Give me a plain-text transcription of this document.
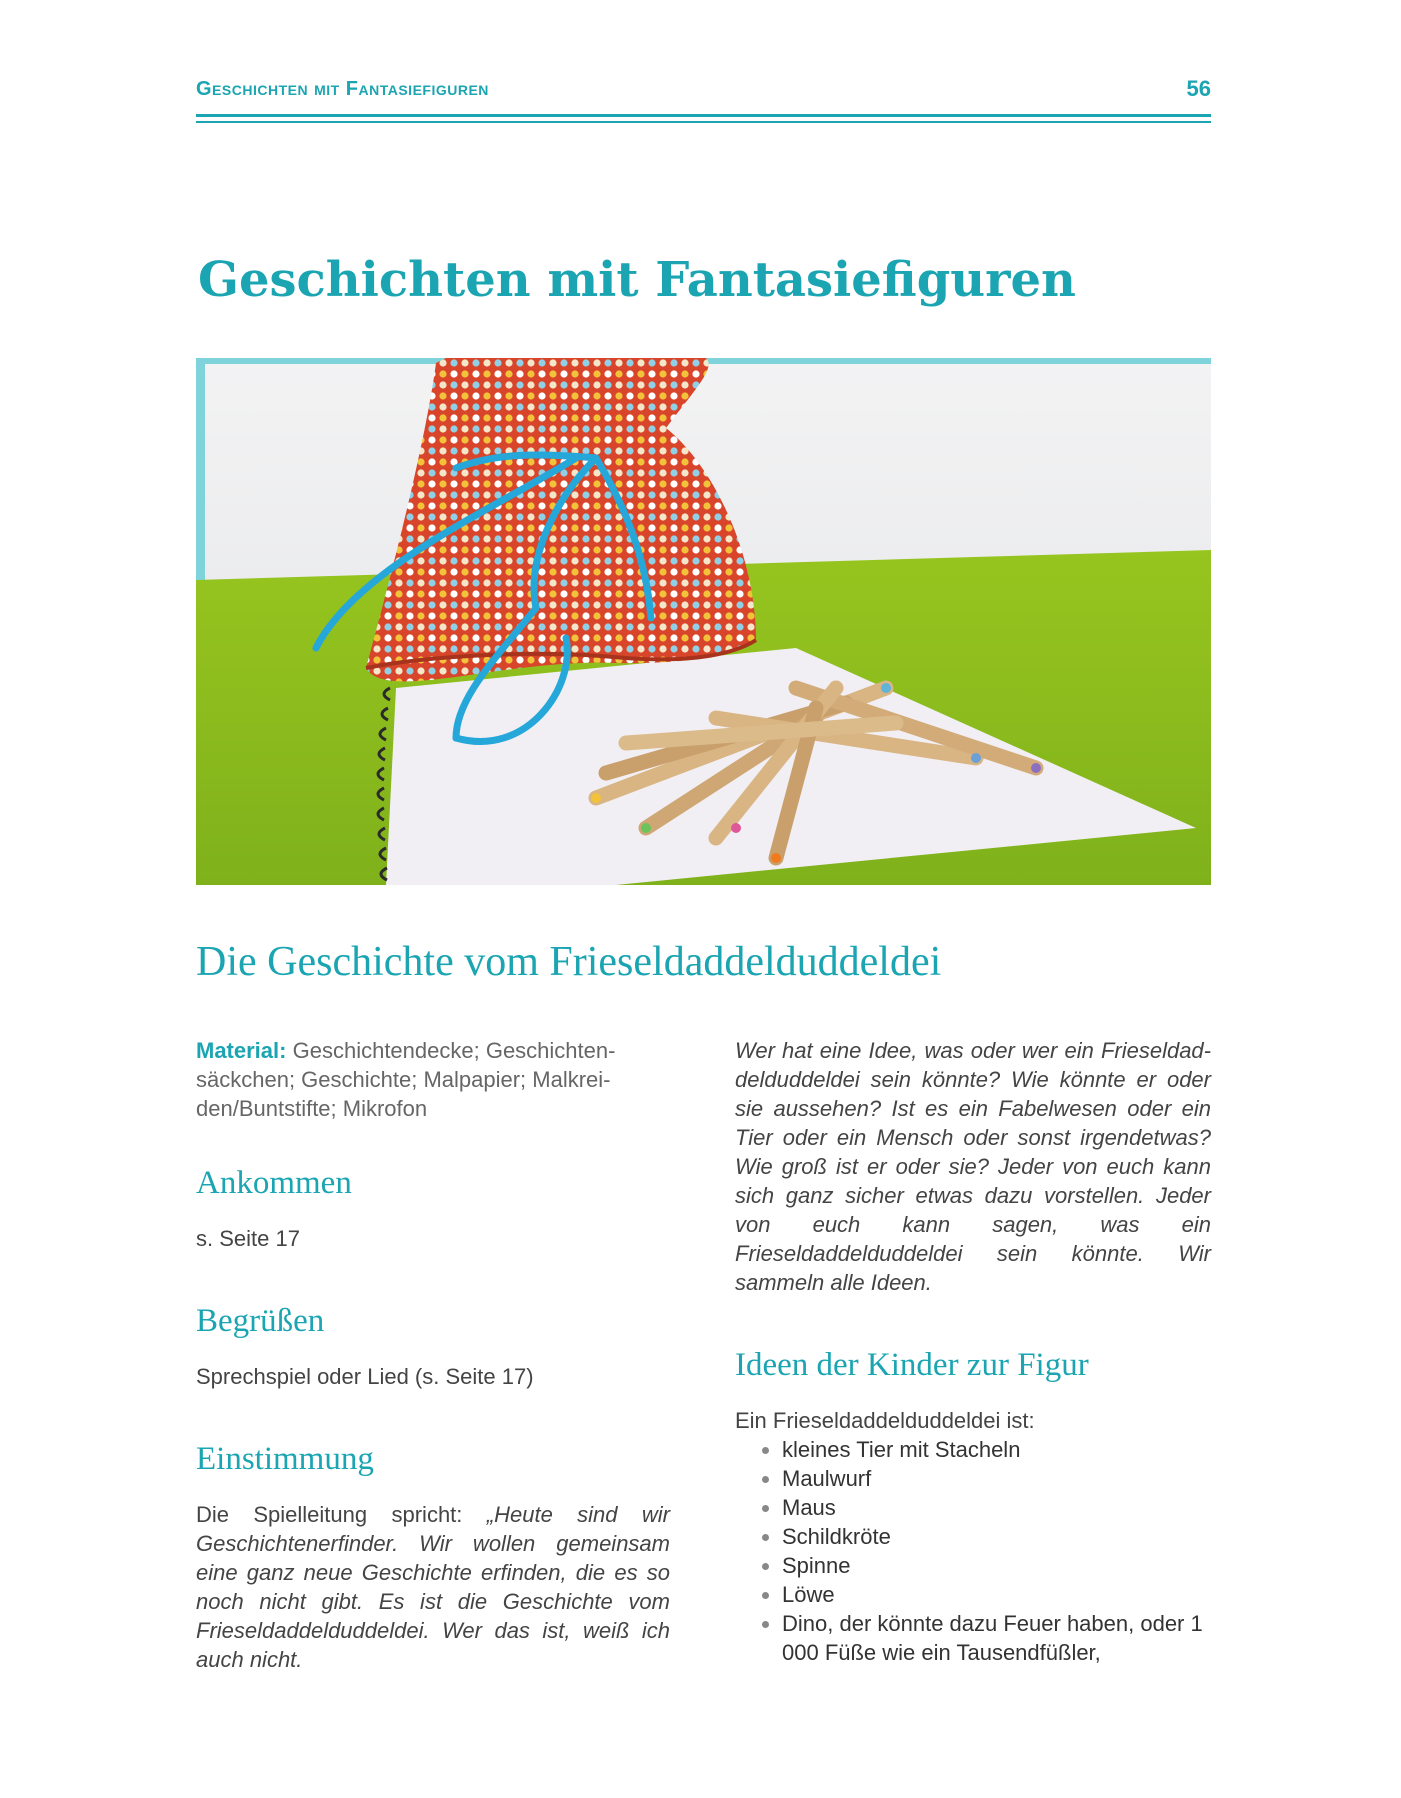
Geschichten mit Fantasiefiguren	56
Geschichten mit Fantasiefiguren
Die Geschichte vom Frieseldaddelduddeldei

Material: Geschichtendecke; Geschichtensäckchen; Geschichte; Malpapier; Malkreiden/Buntstifte; Mikrofon

Ankommen

s. Seite 17

Begrüßen

Sprechspiel oder Lied (s. Seite 17)

Einstimmung

Die Spielleitung spricht: „Heute sind wir Geschichtenerfinder. Wir wollen gemeinsam eine ganz neue Geschichte erfinden, die es so noch nicht gibt. Es ist die Geschichte vom Frieseldaddelduddeldei. Wer das ist, weiß ich auch nicht.

Wer hat eine Idee, was oder wer ein Frieseldaddelduddeldei sein könnte? Wie könnte er oder sie aussehen? Ist es ein Fabelwesen oder ein Tier oder ein Mensch oder sonst irgendetwas? Wie groß ist er oder sie? Jeder von euch kann sich ganz sicher etwas dazu vorstellen. Jeder von euch kann sagen, was ein Frieseldaddelduddeldei sein könnte. Wir sammeln alle Ideen.

Ideen der Kinder zur Figur

Ein Frieseldaddelduddeldei ist:

• kleines Tier mit Stacheln
• Maulwurf
• Maus
• Schildkröte
• Spinne
• Löwe
• Dino, der könnte dazu Feuer haben, oder 1 000 Füße wie ein Tausendfüßler,
